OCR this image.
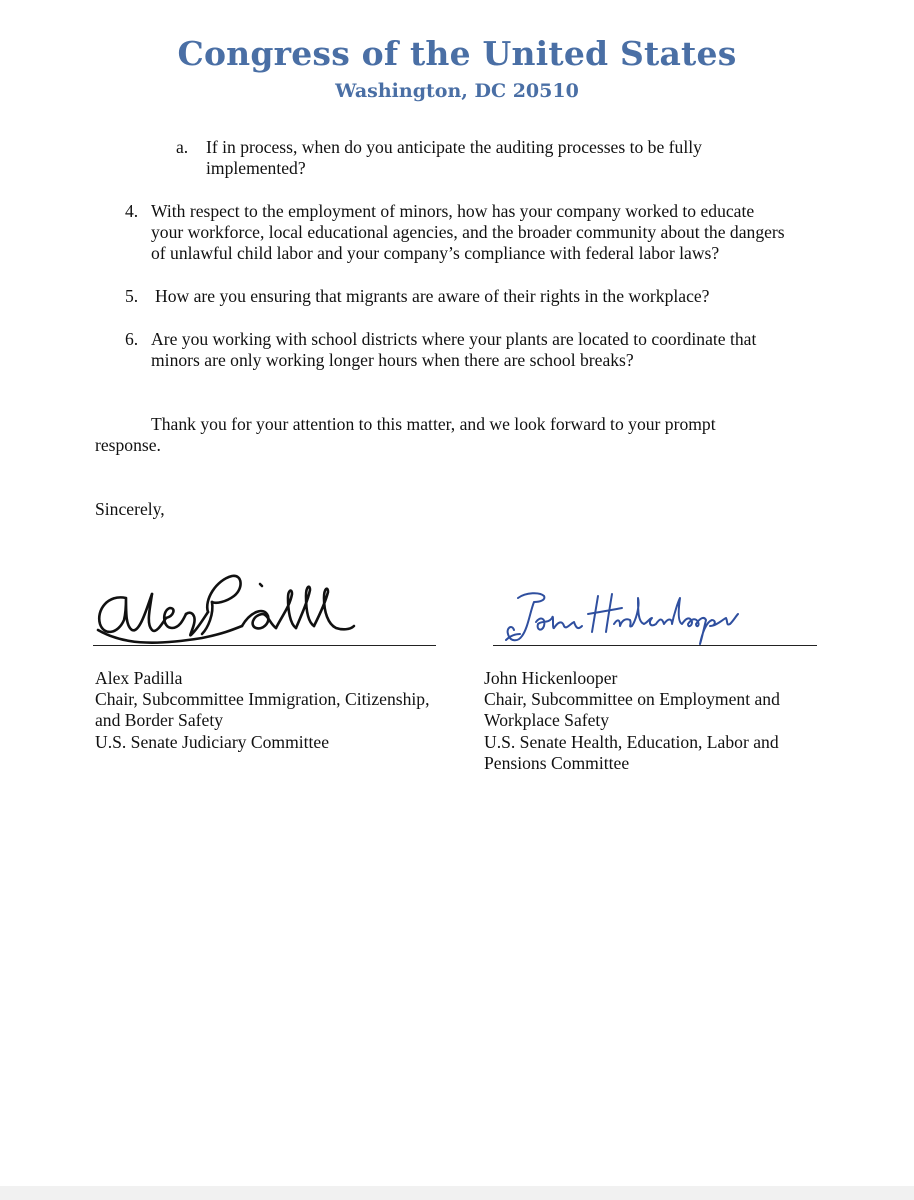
Congress of the United States
Washington, DC 20510
a. If in process, when do you anticipate the auditing processes to be fully

implemented?

4. With respect to the employment of minors, how has your company worked to educate

your workforce, local educational agencies, and the broader community about the dangers

of unlawful child labor and your company’s compliance with federal labor laws?

5. How are you ensuring that migrants are aware of their rights in the workplace?

6. Are you working with school districts where your plants are located to coordinate that

minors are only working longer hours when there are school breaks?

Thank you for your attention to this matter, and we look forward to your prompt

response.

Sincerely,

Alex Padilla

Chair, Subcommittee Immigration, Citizenship,

and Border Safety

U.S. Senate Judiciary Committee

John Hickenlooper

Chair, Subcommittee on Employment and

Workplace Safety

U.S. Senate Health, Education, Labor and

Pensions Committee
